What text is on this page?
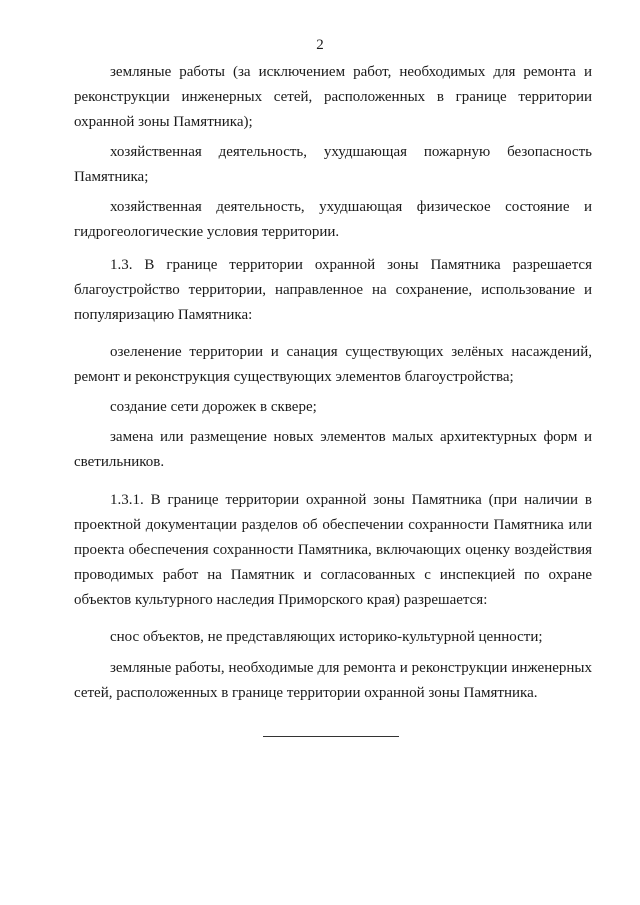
2

земляные работы (за исключением работ, необходимых для ремонта и реконструкции инженерных сетей, расположенных в границе территории охранной зоны Памятника);

хозяйственная деятельность, ухудшающая пожарную безопасность Памятника;

хозяйственная деятельность, ухудшающая физическое состояние и гидрогеологические условия территории.

1.3. В границе территории охранной зоны Памятника разрешается благоустройство территории, направленное на сохранение, использование и популяризацию Памятника:

озеленение территории и санация существующих зелёных насаждений, ремонт и реконструкция существующих элементов благоустройства;

создание сети дорожек в сквере;

замена или размещение новых элементов малых архитектурных форм и светильников.

1.3.1. В границе территории охранной зоны Памятника (при наличии в проектной документации разделов об обеспечении сохранности Памятника или проекта обеспечения сохранности Памятника, включающих оценку воздействия проводимых работ на Памятник и согласованных с инспекцией по охране объектов культурного наследия Приморского края) разрешается:

снос объектов, не представляющих историко-культурной ценности;

земляные работы, необходимые для ремонта и реконструкции инженерных сетей, расположенных в границе территории охранной зоны Памятника.
